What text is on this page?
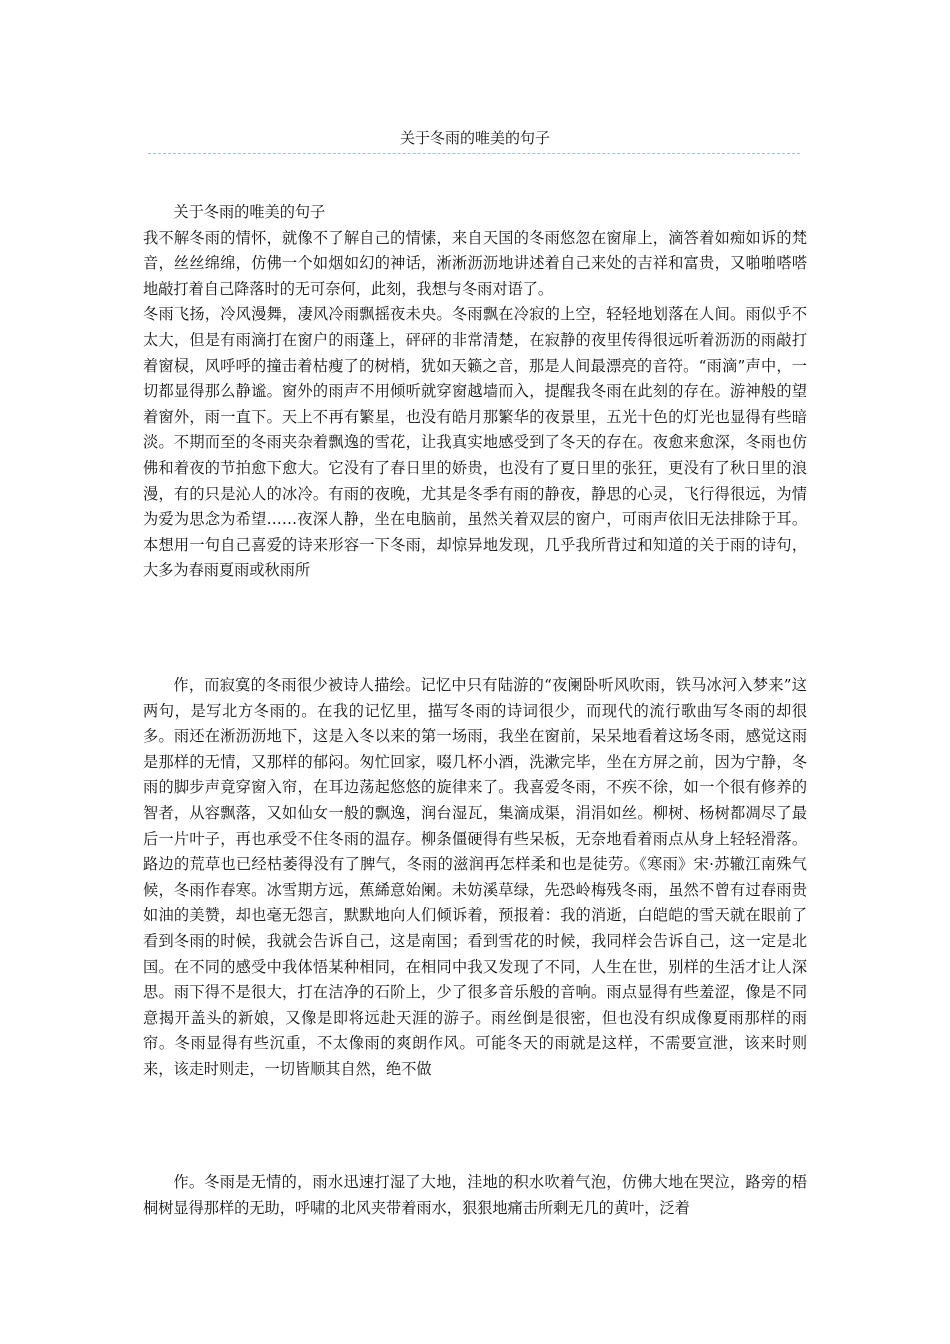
关于冬雨的唯美的句子

关于冬雨的唯美的句子

我不解冬雨的情怀，就像不了解自己的情愫，来自天国的冬雨悠忽在窗扉上，滴答着如痴如诉的梵音，丝丝绵绵，仿佛一个如烟如幻的神话，淅淅沥沥地讲述着自己来处的吉祥和富贵，又啪啪嗒嗒地敲打着自己降落时的无可奈何，此刻，我想与冬雨对语了。

冬雨飞扬，冷风漫舞，凄风冷雨飘摇夜未央。冬雨飘在冷寂的上空，轻轻地划落在人间。雨似乎不太大，但是有雨滴打在窗户的雨蓬上，砰砰的非常清楚，在寂静的夜里传得很远听着沥沥的雨敲打着窗棂，风呼呼的撞击着枯瘦了的树梢，犹如天籁之音，那是人间最漂亮的音符。“雨滴”声中，一切都显得那么静谧。窗外的雨声不用倾听就穿窗越墙而入，提醒我冬雨在此刻的存在。游神般的望着窗外，雨一直下。天上不再有繁星，也没有皓月那繁华的夜景里，五光十色的灯光也显得有些暗淡。不期而至的冬雨夹杂着飘逸的雪花，让我真实地感受到了冬天的存在。夜愈来愈深，冬雨也仿佛和着夜的节拍愈下愈大。它没有了春日里的娇贵，也没有了夏日里的张狂，更没有了秋日里的浪漫，有的只是沁人的冰冷。有雨的夜晚，尤其是冬季有雨的静夜，静思的心灵，飞行得很远，为情为爱为思念为希望……夜深人静，坐在电脑前，虽然关着双层的窗户，可雨声依旧无法排除于耳。本想用一句自己喜爱的诗来形容一下冬雨，却惊异地发现，几乎我所背过和知道的关于雨的诗句，大多为春雨夏雨或秋雨所

作，而寂寞的冬雨很少被诗人描绘。记忆中只有陆游的“夜阑卧听风吹雨，铁马冰河入梦来”这两句，是写北方冬雨的。在我的记忆里，描写冬雨的诗词很少，而现代的流行歌曲写冬雨的却很多。雨还在淅沥沥地下，这是入冬以来的第一场雨，我坐在窗前，呆呆地看着这场冬雨，感觉这雨是那样的无情，又那样的郁闷。匆忙回家，啜几杯小酒，洗漱完毕，坐在方屏之前，因为宁静，冬雨的脚步声竟穿窗入帘，在耳边荡起悠悠的旋律来了。我喜爱冬雨，不疾不徐，如一个很有修养的智者，从容飘落，又如仙女一般的飘逸，润台湿瓦，集滴成渠，涓涓如丝。柳树、杨树都凋尽了最后一片叶子，再也承受不住冬雨的温存。柳条僵硬得有些呆板，无奈地看着雨点从身上轻轻滑落。路边的荒草也已经枯萎得没有了脾气，冬雨的滋润再怎样柔和也是徒劳。《寒雨》宋·苏辙江南殊气候，冬雨作春寒。冰雪期方远，蕉絺意始阑。未妨溪草绿，先恐岭梅残冬雨，虽然不曾有过春雨贵如油的美赞，却也毫无怨言，默默地向人们倾诉着，预报着：我的消逝，白皑皑的雪天就在眼前了看到冬雨的时候，我就会告诉自己，这是南国；看到雪花的时候，我同样会告诉自己，这一定是北国。在不同的感受中我体悟某种相同，在相同中我又发现了不同，人生在世，别样的生活才让人深思。雨下得不是很大，打在洁净的石阶上，少了很多音乐般的音响。雨点显得有些羞涩，像是不同意揭开盖头的新娘，又像是即将远赴天涯的游子。雨丝倒是很密，但也没有织成像夏雨那样的雨帘。冬雨显得有些沉重，不太像雨的爽朗作风。可能冬天的雨就是这样，不需要宣泄，该来时则来，该走时则走，一切皆顺其自然，绝不做

作。冬雨是无情的，雨水迅速打湿了大地，洼地的积水吹着气泡，仿佛大地在哭泣，路旁的梧桐树显得那样的无助，呼啸的北风夹带着雨水，狠狠地痛击所剩无几的黄叶，泛着
